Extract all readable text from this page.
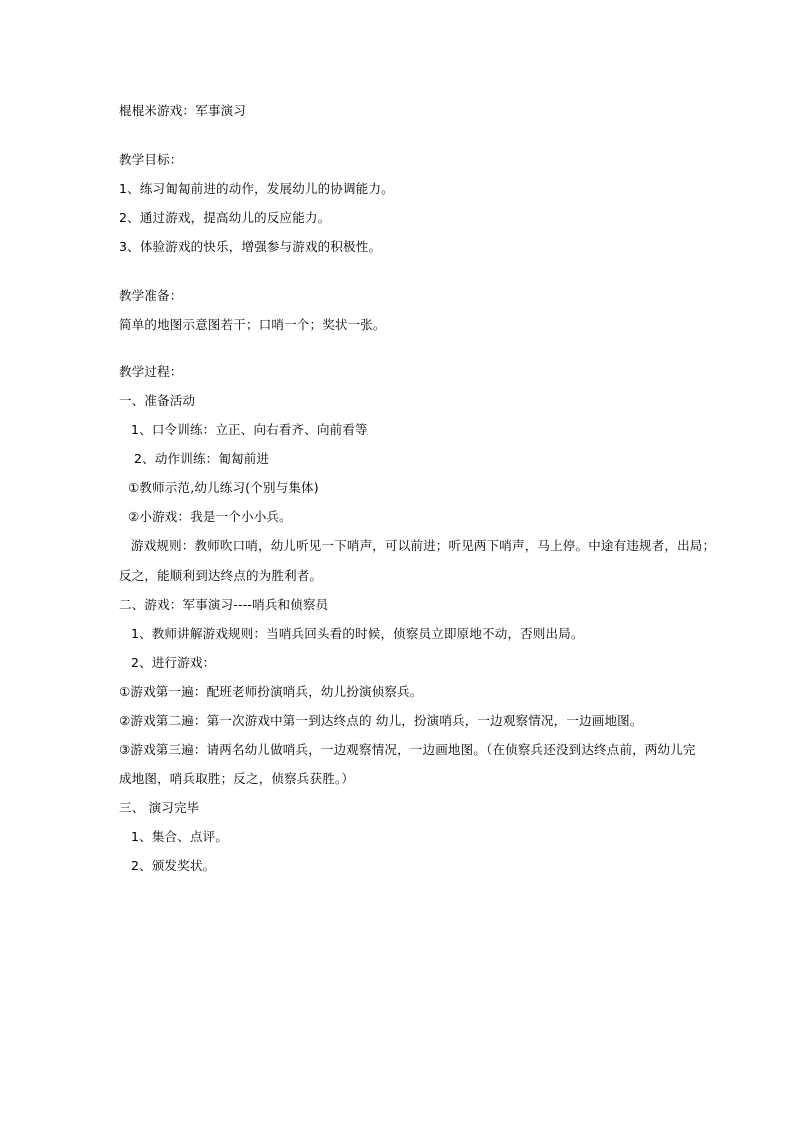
棍棍米游戏：军事演习
教学目标：
1、练习匍匐前进的动作，发展幼儿的协调能力。
2、通过游戏，提高幼儿的反应能力。
3、体验游戏的快乐，增强参与游戏的积极性。
教学准备：
简单的地图示意图若干；口哨一个；奖状一张。
教学过程：
一、准备活动
1、口令训练：立正、向右看齐、向前看等
2、动作训练：匍匐前进
①教师示范,幼儿练习(个别与集体)
②小游戏：我是一个小小兵。
游戏规则：教师吹口哨，幼儿听见一下哨声，可以前进；听见两下哨声，马上停。中途有违规者，出局；
反之，能顺利到达终点的为胜利者。
二、游戏：军事演习----哨兵和侦察员
1、教师讲解游戏规则：当哨兵回头看的时候，侦察员立即原地不动，否则出局。
2、进行游戏：
①游戏第一遍：配班老师扮演哨兵，幼儿扮演侦察兵。
②游戏第二遍：第一次游戏中第一到达终点的 幼儿，扮演哨兵，一边观察情况，一边画地图。
③游戏第三遍：请两名幼儿做哨兵，一边观察情况，一边画地图。（在侦察兵还没到达终点前，两幼儿完
成地图，哨兵取胜；反之，侦察兵获胜。）
三、 演习完毕
1、集合、点评。
2、颁发奖状。
